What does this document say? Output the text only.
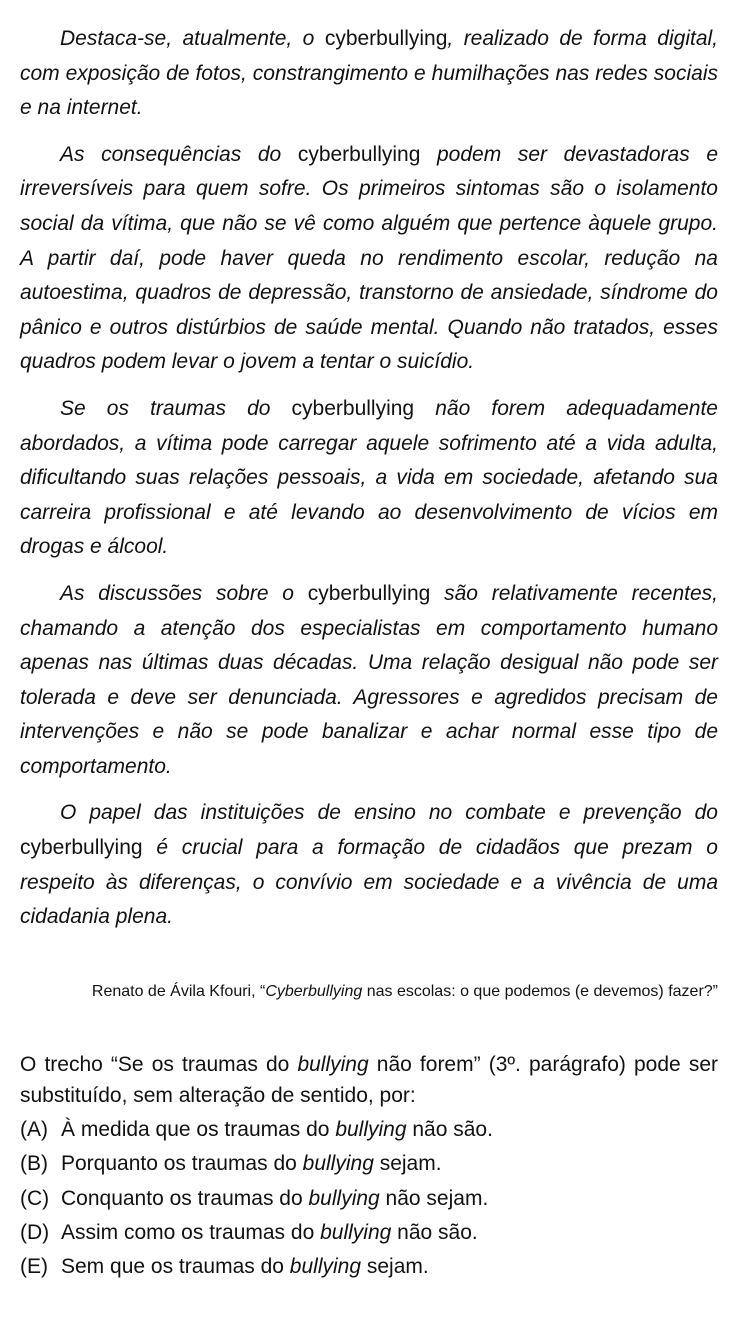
Destaca-se, atualmente, o cyberbullying, realizado de forma digital, com exposição de fotos, constrangimento e humilhações nas redes sociais e na internet.

As consequências do cyberbullying podem ser devastadoras e irreversíveis para quem sofre. Os primeiros sintomas são o isolamento social da vítima, que não se vê como alguém que pertence àquele grupo. A partir daí, pode haver queda no rendimento escolar, redução na autoestima, quadros de depressão, transtorno de ansiedade, síndrome do pânico e outros distúrbios de saúde mental. Quando não tratados, esses quadros podem levar o jovem a tentar o suicídio.

Se os traumas do cyberbullying não forem adequadamente abordados, a vítima pode carregar aquele sofrimento até a vida adulta, dificultando suas relações pessoais, a vida em sociedade, afetando sua carreira profissional e até levando ao desenvolvimento de vícios em drogas e álcool.

As discussões sobre o cyberbullying são relativamente recentes, chamando a atenção dos especialistas em comportamento humano apenas nas últimas duas décadas. Uma relação desigual não pode ser tolerada e deve ser denunciada. Agressores e agredidos precisam de intervenções e não se pode banalizar e achar normal esse tipo de comportamento.

O papel das instituições de ensino no combate e prevenção do cyberbullying é crucial para a formação de cidadãos que prezam o respeito às diferenças, o convívio em sociedade e a vivência de uma cidadania plena.

Renato de Ávila Kfouri, “Cyberbullying nas escolas: o que podemos (e devemos) fazer?”
O trecho “Se os traumas do bullying não forem” (3º. parágrafo) pode ser substituído, sem alteração de sentido, por:
(A) À medida que os traumas do bullying não são.
(B) Porquanto os traumas do bullying sejam.
(C) Conquanto os traumas do bullying não sejam.
(D) Assim como os traumas do bullying não são.
(E) Sem que os traumas do bullying sejam.
